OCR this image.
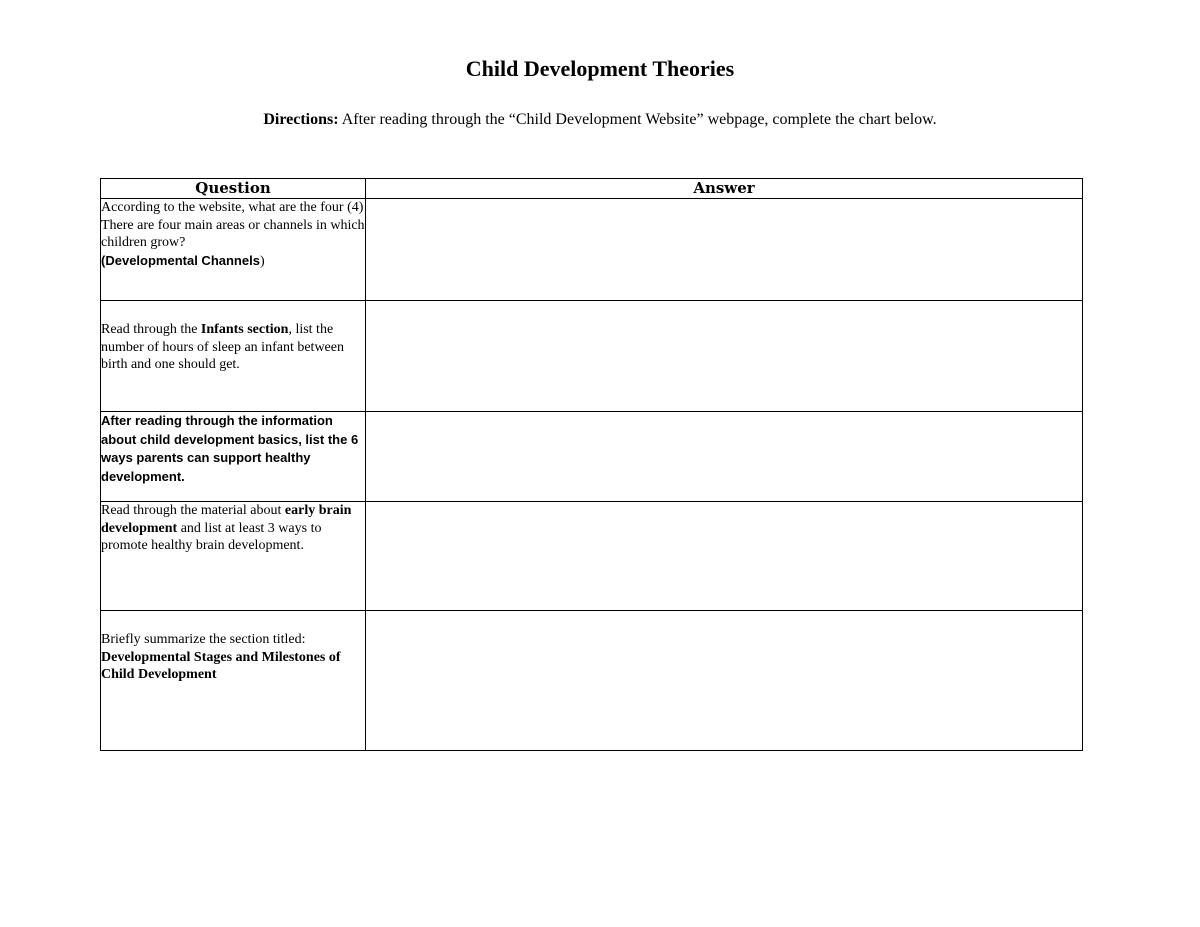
Child Development Theories
Directions: After reading through the “Child Development Website” webpage, complete the chart below.
Question	Answer
According to the website, what are the four (4) There are four main areas or channels in which children grow?
(Developmental Channels)	

Read through the Infants section, list the number of hours of sleep an infant between birth and one should get.	
After reading through the information about child development basics, list the 6 ways parents can support healthy development.	
Read through the material about early brain development and list at least 3 ways to promote healthy brain development.	

Briefly summarize the section titled:
Developmental Stages and Milestones of Child Development	
